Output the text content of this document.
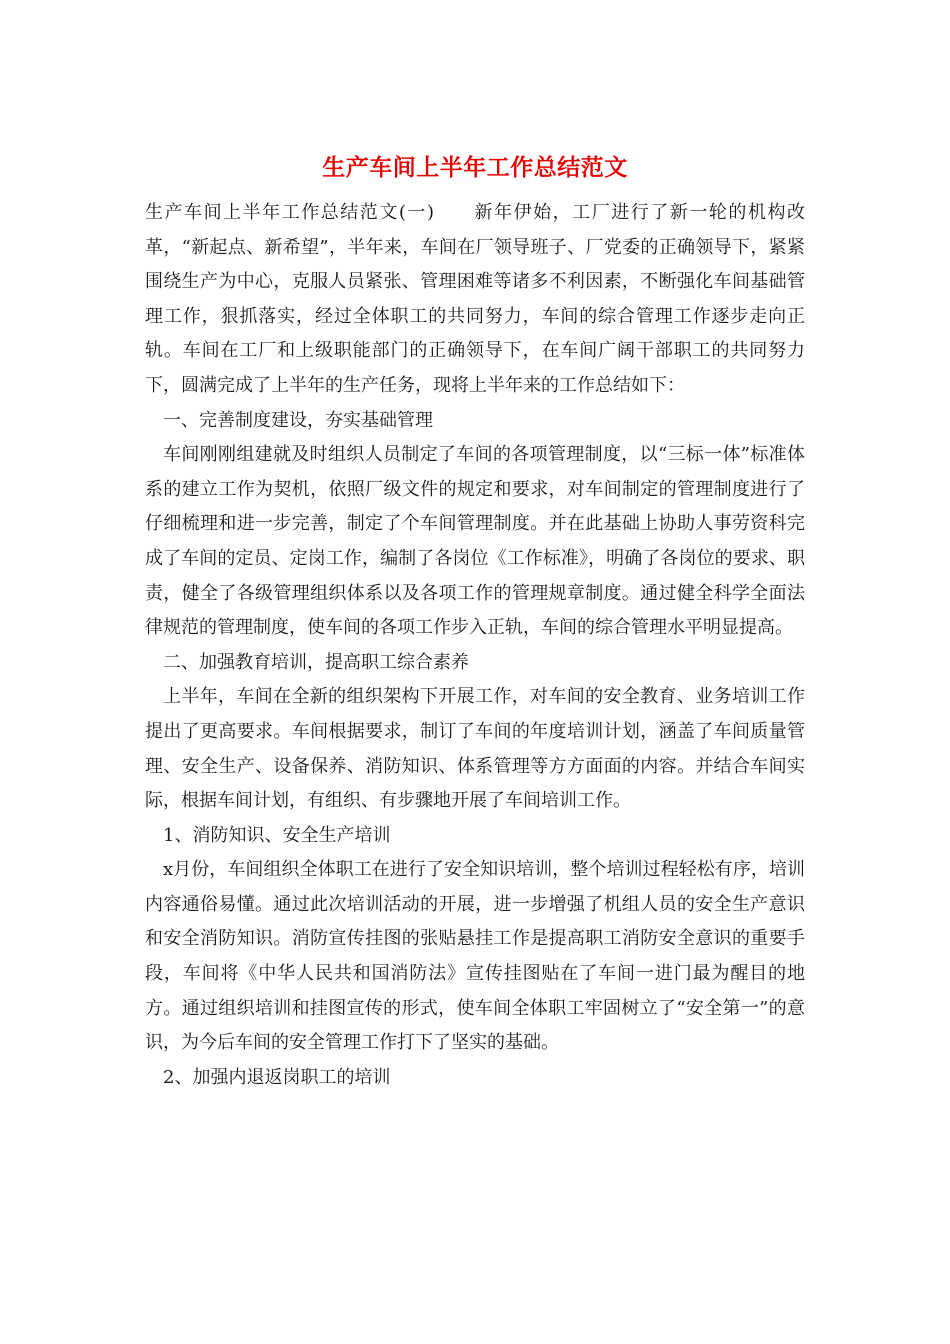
生产车间上半年工作总结范文

生产车间上半年工作总结范文(一)　　新年伊始，工厂进行了新一轮的机构改革，“新起点、新希望”，半年来，车间在厂领导班子、厂党委的正确领导下，紧紧围绕生产为中心，克服人员紧张、管理困难等诸多不利因素，不断强化车间基础管理工作，狠抓落实，经过全体职工的共同努力，车间的综合管理工作逐步走向正轨。车间在工厂和上级职能部门的正确领导下，在车间广阔干部职工的共同努力下，圆满完成了上半年的生产任务，现将上半年来的工作总结如下：

一、完善制度建设，夯实基础管理

车间刚刚组建就及时组织人员制定了车间的各项管理制度，以“三标一体”标准体系的建立工作为契机，依照厂级文件的规定和要求，对车间制定的管理制度进行了仔细梳理和进一步完善，制定了个车间管理制度。并在此基础上协助人事劳资科完成了车间的定员、定岗工作，编制了各岗位《工作标准》，明确了各岗位的要求、职责，健全了各级管理组织体系以及各项工作的管理规章制度。通过健全科学全面法律规范的管理制度，使车间的各项工作步入正轨，车间的综合管理水平明显提高。

二、加强教育培训，提高职工综合素养

上半年，车间在全新的组织架构下开展工作，对车间的安全教育、业务培训工作提出了更高要求。车间根据要求，制订了车间的年度培训计划，涵盖了车间质量管理、安全生产、设备保养、消防知识、体系管理等方方面面的内容。并结合车间实际，根据车间计划，有组织、有步骤地开展了车间培训工作。

1、消防知识、安全生产培训

x月份，车间组织全体职工在进行了安全知识培训，整个培训过程轻松有序，培训内容通俗易懂。通过此次培训活动的开展，进一步增强了机组人员的安全生产意识和安全消防知识。消防宣传挂图的张贴悬挂工作是提高职工消防安全意识的重要手段，车间将《中华人民共和国消防法》宣传挂图贴在了车间一进门最为醒目的地方。通过组织培训和挂图宣传的形式，使车间全体职工牢固树立了“安全第一”的意识，为今后车间的安全管理工作打下了坚实的基础。

2、加强内退返岗职工的培训
